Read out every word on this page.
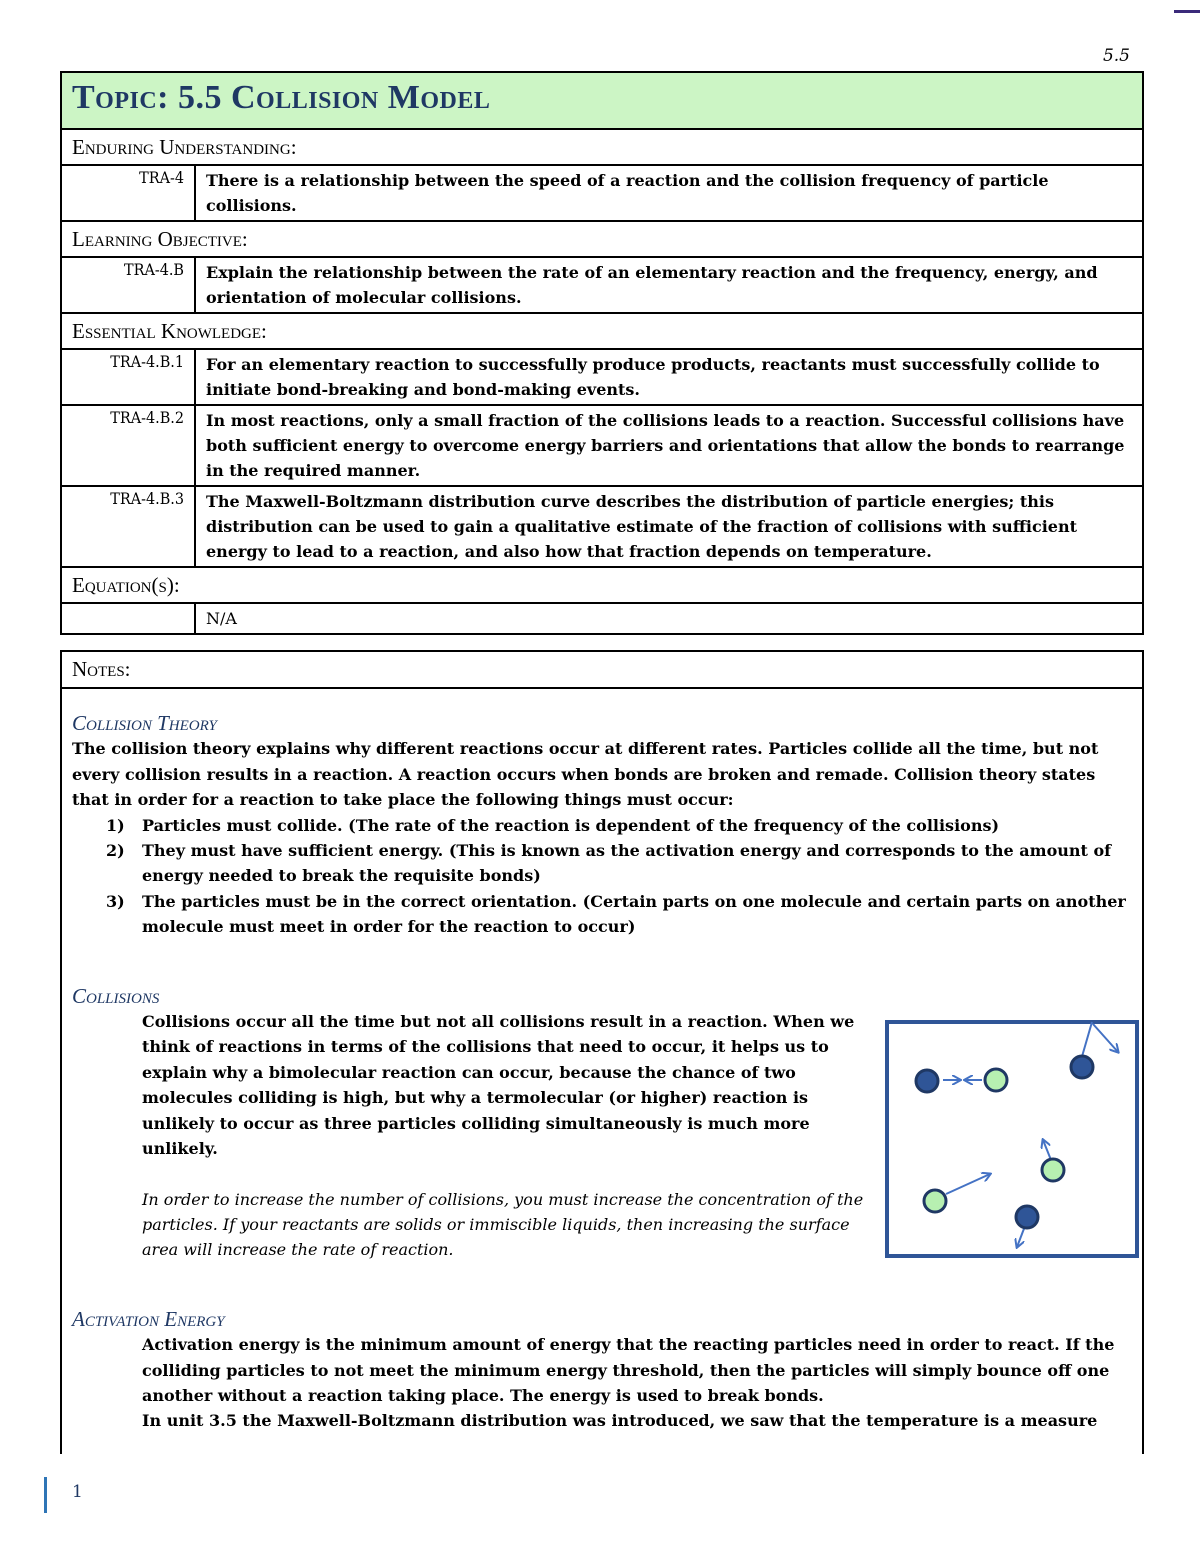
5.5
Topic: 5.5 Collision Model
Enduring Understanding:
TRA-4	There is a relationship between the speed of a reaction and the collision frequency of particle collisions.
Learning Objective:
TRA-4.B	Explain the relationship between the rate of an elementary reaction and the frequency, energy, and orientation of molecular collisions.
Essential Knowledge:
TRA-4.B.1	For an elementary reaction to successfully produce products, reactants must successfully collide to initiate bond-breaking and bond-making events.
TRA-4.B.2	In most reactions, only a small fraction of the collisions leads to a reaction. Successful collisions have both sufficient energy to overcome energy barriers and orientations that allow the bonds to rearrange in the required manner.
TRA-4.B.3	The Maxwell-Boltzmann distribution curve describes the distribution of particle energies; this distribution can be used to gain a qualitative estimate of the fraction of collisions with sufficient energy to lead to a reaction, and also how that fraction depends on temperature.
Equation(s):
N/A
Notes:
Collision Theory
The collision theory explains why different reactions occur at different rates. Particles collide all the time, but not every collision results in a reaction. A reaction occurs when bonds are broken and remade. Collision theory states that in order for a reaction to take place the following things must occur:
1) Particles must collide. (The rate of the reaction is dependent of the frequency of the collisions)
2) They must have sufficient energy. (This is known as the activation energy and corresponds to the amount of energy needed to break the requisite bonds)
3) The particles must be in the correct orientation. (Certain parts on one molecule and certain parts on another molecule must meet in order for the reaction to occur)
Collisions
Collisions occur all the time but not all collisions result in a reaction. When we think of reactions in terms of the collisions that need to occur, it helps us to explain why a bimolecular reaction can occur, because the chance of two molecules colliding is high, but why a termolecular (or higher) reaction is unlikely to occur as three particles colliding simultaneously is much more unlikely.
In order to increase the number of collisions, you must increase the concentration of the particles. If your reactants are solids or immiscible liquids, then increasing the surface area will increase the rate of reaction.
Activation Energy
Activation energy is the minimum amount of energy that the reacting particles need in order to react. If the colliding particles to not meet the minimum energy threshold, then the particles will simply bounce off one another without a reaction taking place. The energy is used to break bonds.
In unit 3.5 the Maxwell-Boltzmann distribution was introduced, we saw that the temperature is a measure
1
